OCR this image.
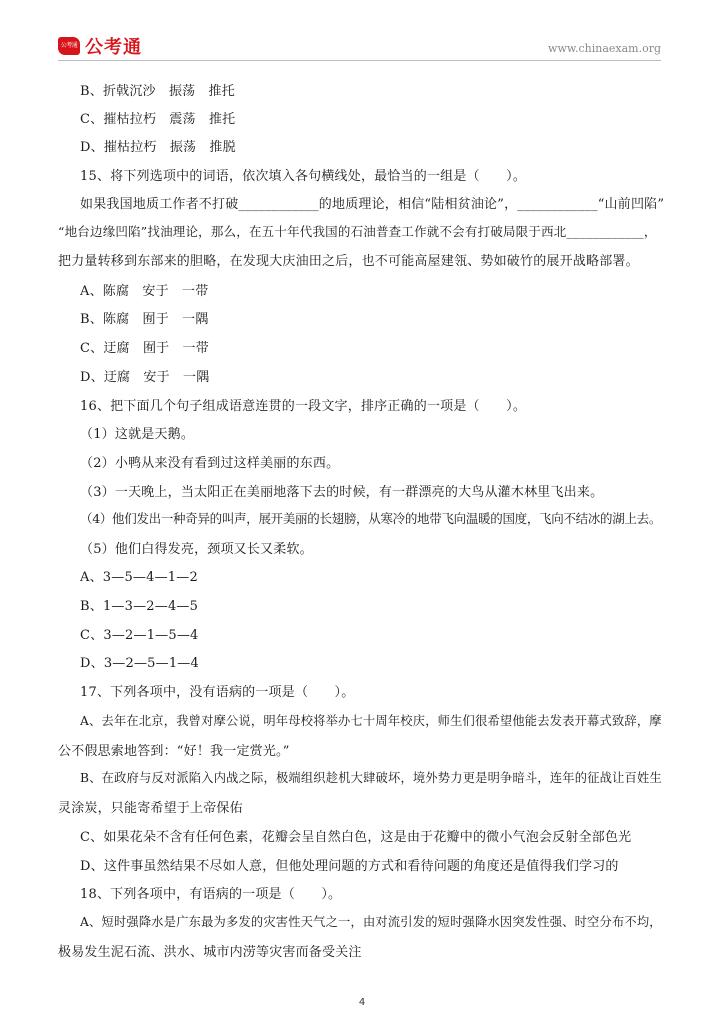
公考通 公考通	www.chinaexam.org
B、折戟沉沙　振荡　推托
C、摧枯拉朽　震荡　推托
D、摧枯拉朽　振荡　推脱
15、将下列选项中的词语，依次填入各句横线处，最恰当的一组是（　　）。
如果我国地质工作者不打破____________的地质理论，相信“陆相贫油论”，____________“山前凹陷”
“地台边缘凹陷”找油理论，那么，在五十年代我国的石油普查工作就不会有打破局限于西北____________，
把力量转移到东部来的胆略，在发现大庆油田之后，也不可能高屋建瓴、势如破竹的展开战略部署。
A、陈腐　安于　一带
B、陈腐　囿于　一隅
C、迂腐　囿于　一带
D、迂腐　安于　一隅
16、把下面几个句子组成语意连贯的一段文字，排序正确的一项是（　　）。
（1）这就是天鹅。
（2）小鸭从来没有看到过这样美丽的东西。
（3）一天晚上，当太阳正在美丽地落下去的时候，有一群漂亮的大鸟从灌木林里飞出来。
（4）他们发出一种奇异的叫声，展开美丽的长翅膀，从寒冷的地带飞向温暖的国度，飞向不结冰的湖上去。
（5）他们白得发亮，颈项又长又柔软。
A、3—5—4—1—2
B、1—3—2—4—5
C、3—2—1—5—4
D、3—2—5—1—4
17、下列各项中，没有语病的一项是（　　）。
A、去年在北京，我曾对摩公说，明年母校将举办七十周年校庆，师生们很希望他能去发表开幕式致辞，摩
公不假思索地答到：“好！我一定赏光。”
B、在政府与反对派陷入内战之际，极端组织趁机大肆破坏，境外势力更是明争暗斗，连年的征战让百姓生
灵涂炭，只能寄希望于上帝保佑
C、如果花朵不含有任何色素，花瓣会呈自然白色，这是由于花瓣中的微小气泡会反射全部色光
D、这件事虽然结果不尽如人意，但他处理问题的方式和看待问题的角度还是值得我们学习的
18、下列各项中，有语病的一项是（　　）。
A、短时强降水是广东最为多发的灾害性天气之一，由对流引发的短时强降水因突发性强、时空分布不均，
极易发生泥石流、洪水、城市内涝等灾害而备受关注
4
